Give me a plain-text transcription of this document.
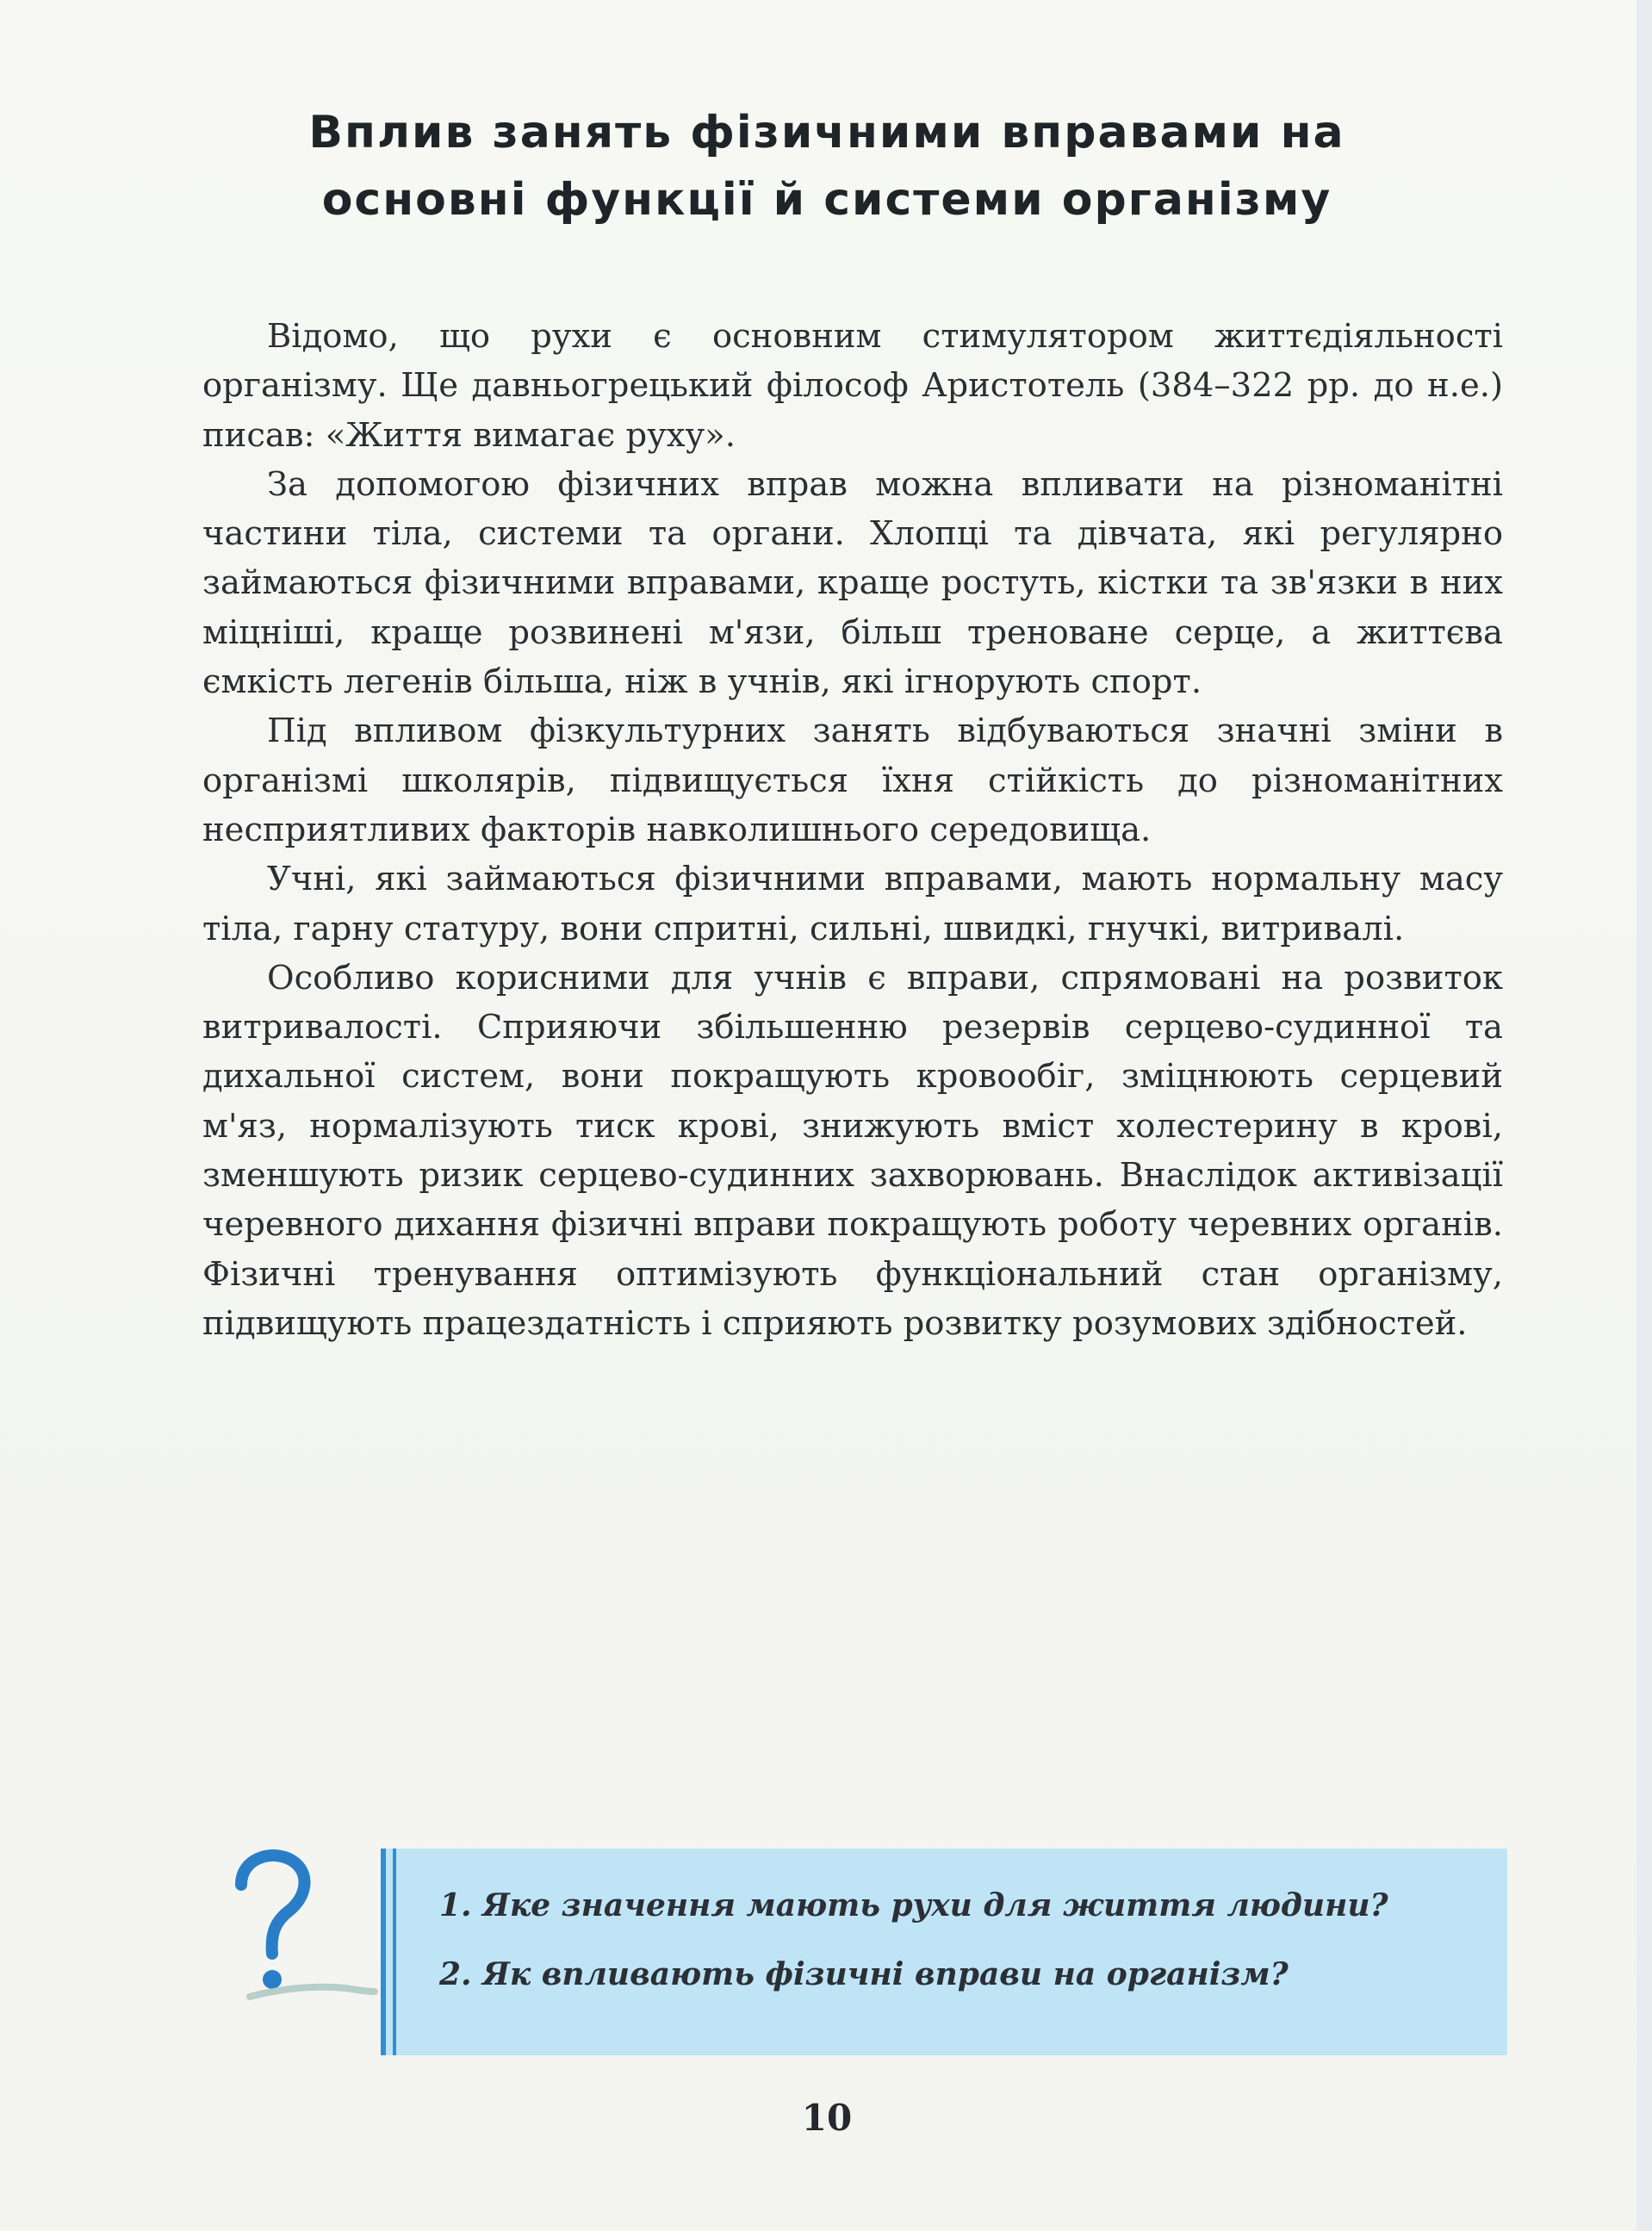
Вплив занять фізичними вправами на
основні функції й системи організму

Відомо, що рухи є основним стимулятором життєдіяльності організму. Ще давньогрецький філософ Аристотель (384–322 рр. до н.е.) писав: «Життя вимагає руху».

За допомогою фізичних вправ можна впливати на різноманітні частини тіла, системи та органи. Хлопці та дівчата, які регулярно займаються фізичними вправами, краще ростуть, кістки та зв'язки в них міцніші, краще розвинені м'язи, більш треноване серце, а життєва ємкість легенів більша, ніж в учнів, які ігнорують спорт.

Під впливом фізкультурних занять відбуваються значні зміни в організмі школярів, підвищується їхня стійкість до різноманітних несприятливих факторів навколишнього середовища.

Учні, які займаються фізичними вправами, мають нормальну масу тіла, гарну статуру, вони спритні, сильні, швидкі, гнучкі, витривалі.

Особливо корисними для учнів є вправи, спрямовані на розвиток витривалості. Сприяючи збільшенню резервів серцево-судинної та дихальної систем, вони покращують кровообіг, зміцнюють серцевий м'яз, нормалізують тиск крові, знижують вміст холестерину в крові, зменшують ризик серцево-судинних захворювань. Внаслідок активізації черевного дихання фізичні вправи покращують роботу черевних органів. Фізичні тренування оптимізують функціональний стан організму, підвищують працездатність і сприяють розвитку розумових здібностей.

1. Яке значення мають рухи для життя людини?
2. Як впливають фізичні вправи на організм?
10
